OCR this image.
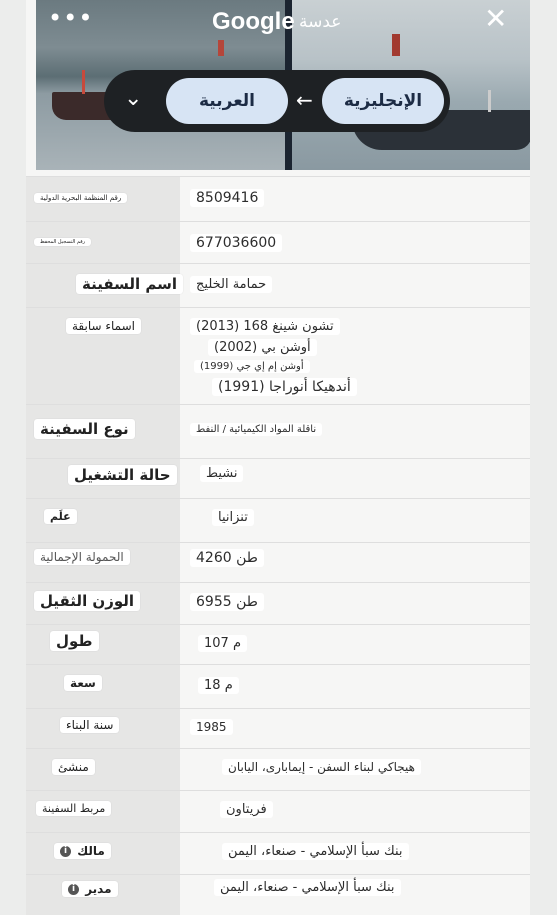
•••	Google عدسة	✕
⌄	العربية	←	الإنجليزية
رقم المنظمة البحرية الدولية	8509416
رقم التسجيل المحفظ	677036600
اسم السفينة	حمامة الخليج
اسماء سابقة	تشون شينغ 168 (2013)
أوشن بي (2002)
أوشن إم إي جي (1999)
أندهيكا أنوراجا (1991)
نوع السفينة	ناقلة المواد الكيميائية / النفط
حالة التشغيل	نشيط
علَم	تنزانيا
الحمولة الإجمالية	4260 طن
الوزن الثقيل	6955 طن
طول	107 م
سعة	18 م
سنة البناء	1985
منشئ	هيجاكي لبناء السفن - إيمابارى، اليابان
مربط السفينة	فريتاون
i مالك	بنك سبأ الإسلامي - صنعاء، اليمن
i مدير	بنك سبأ الإسلامي - صنعاء، اليمن
